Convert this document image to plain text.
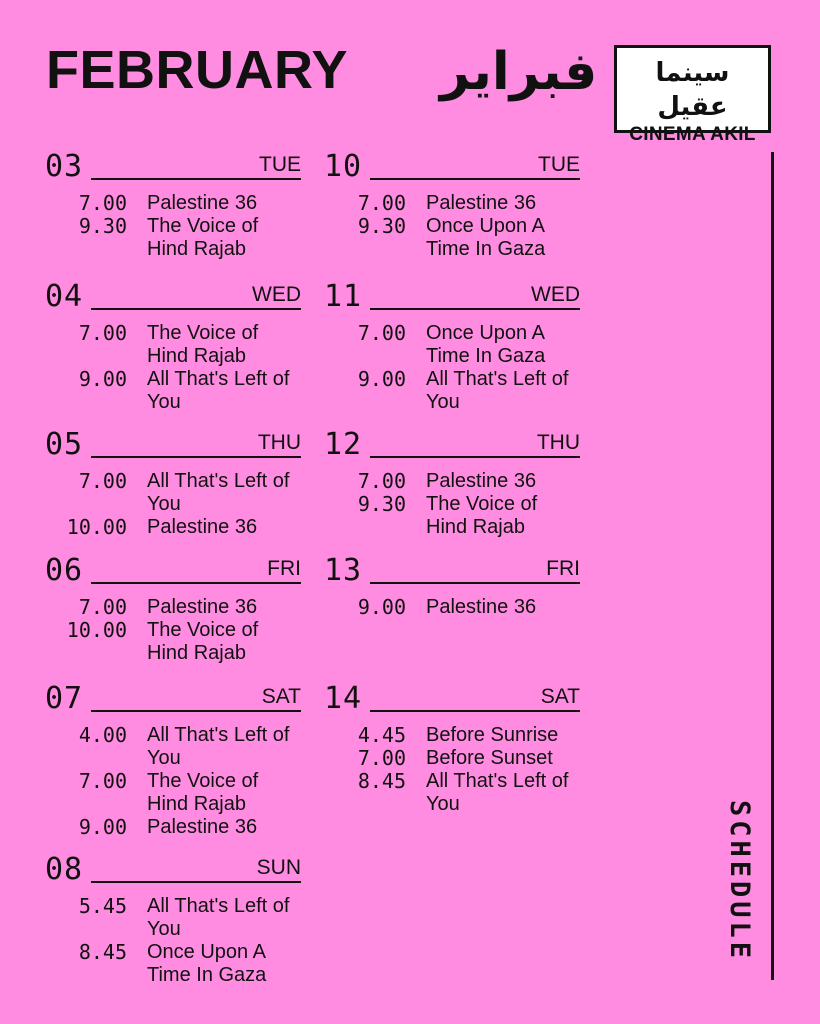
FEBRUARY فبراير	سينما عقيل
CINEMA AKIL
SCHEDULE
03	TUE
7.00 Palestine 36
9.30 The Voice of Hind Rajab
04	WED
7.00 The Voice of Hind Rajab
9.00 All That's Left of You
05	THU
7.00 All That's Left of You
10.00 Palestine 36
06	FRI
7.00 Palestine 36
10.00 The Voice of Hind Rajab
07	SAT
4.00 All That's Left of You
7.00 The Voice of Hind Rajab
9.00 Palestine 36
08	SUN
5.45 All That's Left of You
8.45 Once Upon A Time In Gaza
10	TUE
7.00 Palestine 36
9.30 Once Upon A Time In Gaza
11	WED
7.00 Once Upon A Time In Gaza
9.00 All That's Left of You
12	THU
7.00 Palestine 36
9.30 The Voice of Hind Rajab
13	FRI
9.00 Palestine 36
14	SAT
4.45 Before Sunrise
7.00 Before Sunset
8.45 All That's Left of You
